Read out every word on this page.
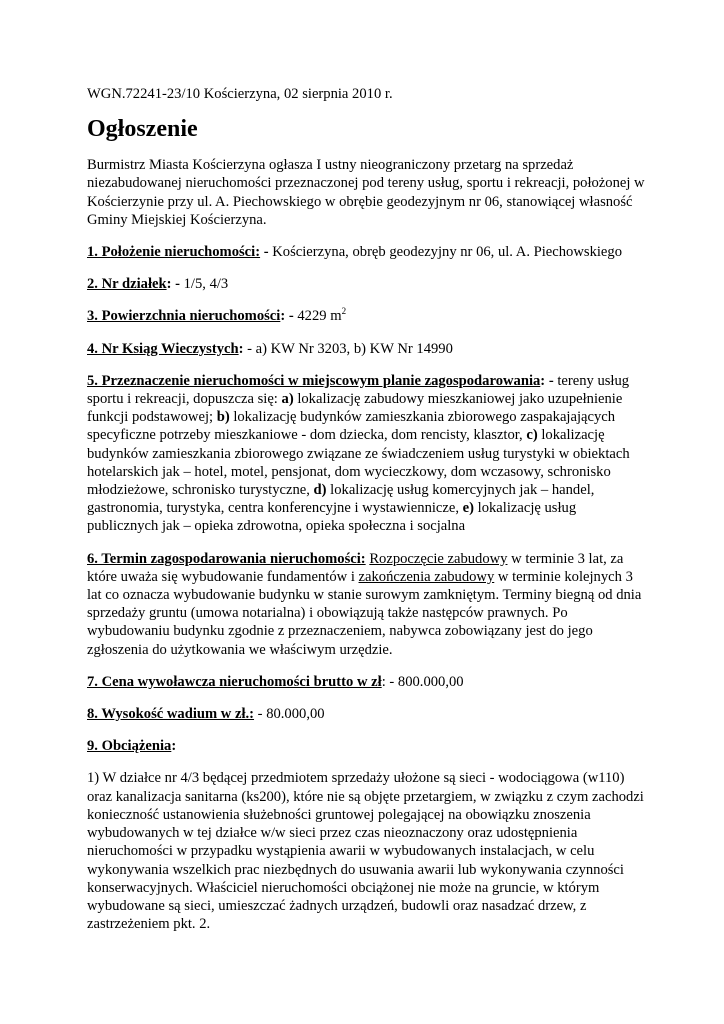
WGN.72241-23/10 Kościerzyna, 02 sierpnia 2010 r.

Ogłoszenie

Burmistrz Miasta Kościerzyna ogłasza I ustny nieograniczony przetarg na sprzedaż niezabudowanej nieruchomości przeznaczonej pod tereny usług, sportu i rekreacji, położonej w Kościerzynie przy ul. A. Piechowskiego w obrębie geodezyjnym nr 06, stanowiącej własność Gminy Miejskiej Kościerzyna.

1. Położenie nieruchomości: - Kościerzyna, obręb geodezyjny nr 06, ul. A. Piechowskiego

2. Nr działek: - 1/5, 4/3

3. Powierzchnia nieruchomości: - 4229 $m^2$

4. Nr Ksiąg Wieczystych: - a) KW Nr 3203, b) KW Nr 14990

5. Przeznaczenie nieruchomości w miejscowym planie zagospodarowania: - tereny usług sportu i rekreacji, dopuszcza się: a) lokalizację zabudowy mieszkaniowej jako uzupełnienie funkcji podstawowej; b) lokalizację budynków zamieszkania zbiorowego zaspakajających specyficzne potrzeby mieszkaniowe - dom dziecka, dom rencisty, klasztor, c) lokalizację budynków zamieszkania zbiorowego związane ze świadczeniem usług turystyki w obiektach hotelarskich jak – hotel, motel, pensjonat, dom wycieczkowy, dom wczasowy, schronisko młodzieżowe, schronisko turystyczne, d) lokalizację usług komercyjnych jak – handel, gastronomia, turystyka, centra konferencyjne i wystawiennicze, e) lokalizację usług publicznych jak – opieka zdrowotna, opieka społeczna i socjalna

6. Termin zagospodarowania nieruchomości: Rozpoczęcie zabudowy w terminie 3 lat, za które uważa się wybudowanie fundamentów i zakończenia zabudowy w terminie kolejnych 3 lat co oznacza wybudowanie budynku w stanie surowym zamkniętym. Terminy biegną od dnia sprzedaży gruntu (umowa notarialna) i obowiązują także następców prawnych. Po wybudowaniu budynku zgodnie z przeznaczeniem, nabywca zobowiązany jest do jego zgłoszenia do użytkowania we właściwym urzędzie.

7. Cena wywoławcza nieruchomości brutto w zł: - 800.000,00

8. Wysokość wadium w zł.: - 80.000,00

9. Obciążenia:

1) W działce nr 4/3 będącej przedmiotem sprzedaży ułożone są sieci - wodociągowa (w110) oraz kanalizacja sanitarna (ks200), które nie są objęte przetargiem, w związku z czym zachodzi konieczność ustanowienia służebności gruntowej polegającej na obowiązku znoszenia wybudowanych w tej działce w/w sieci przez czas nieoznaczony oraz udostępnienia nieruchomości w przypadku wystąpienia awarii w wybudowanych instalacjach, w celu wykonywania wszelkich prac niezbędnych do usuwania awarii lub wykonywania czynności konserwacyjnych. Właściciel nieruchomości obciążonej nie może na gruncie, w którym wybudowane są sieci, umieszczać żadnych urządzeń, budowli oraz nasadzać drzew, z zastrzeżeniem pkt. 2.
